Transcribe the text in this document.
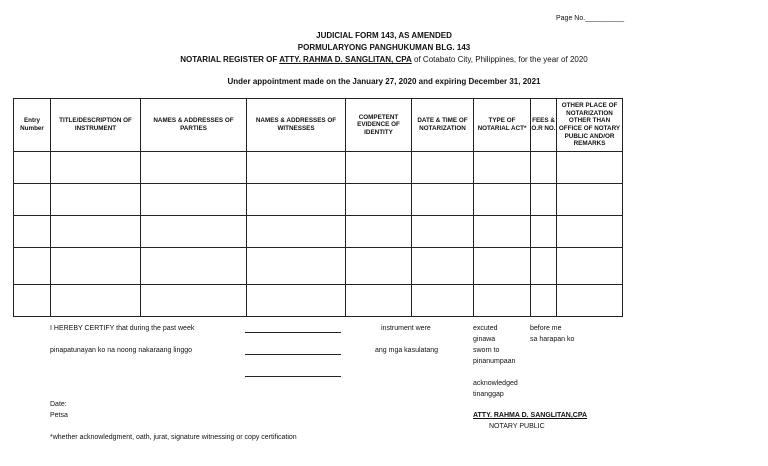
Page No.__________
JUDICIAL FORM 143, AS AMENDED
PORMULARYONG PANGHUKUMAN BLG. 143
NOTARIAL REGISTER OF ATTY. RAHMA D. SANGLITAN, CPA of Cotabato City, Philippines, for the year of 2020
Under appointment made on the January 27, 2020 and expiring December 31, 2021
Entry Number	TITLE/DESCRIPTION OF INSTRUMENT	NAMES & ADDRESSES OF PARTIES	NAMES & ADDRESSES OF WITNESSES	COMPETENT EVIDENCE OF IDENTITY	DATE & TIME OF NOTARIZATION	TYPE OF NOTARIAL ACT*	FEES & O.R NO.	OTHER PLACE OF NOTARIZATION OTHER THAN OFFICE OF NOTARY PUBLIC AND/OR REMARKS

I HEREBY CERTIFY that during the past week
pinapatunayan ko na noong nakaraang linggo
instrument were
ang mga kasulatang
excuted
ginawa
sworn to
pinanumpaan
acknowledged
tinanggap
before me
sa harapan ko
Date:
Petsa	ATTY. RAHMA D. SANGLITAN,CPA
NOTARY PUBLIC
*whether acknowledgment, oath, jurat, signature witnessing or copy certification
